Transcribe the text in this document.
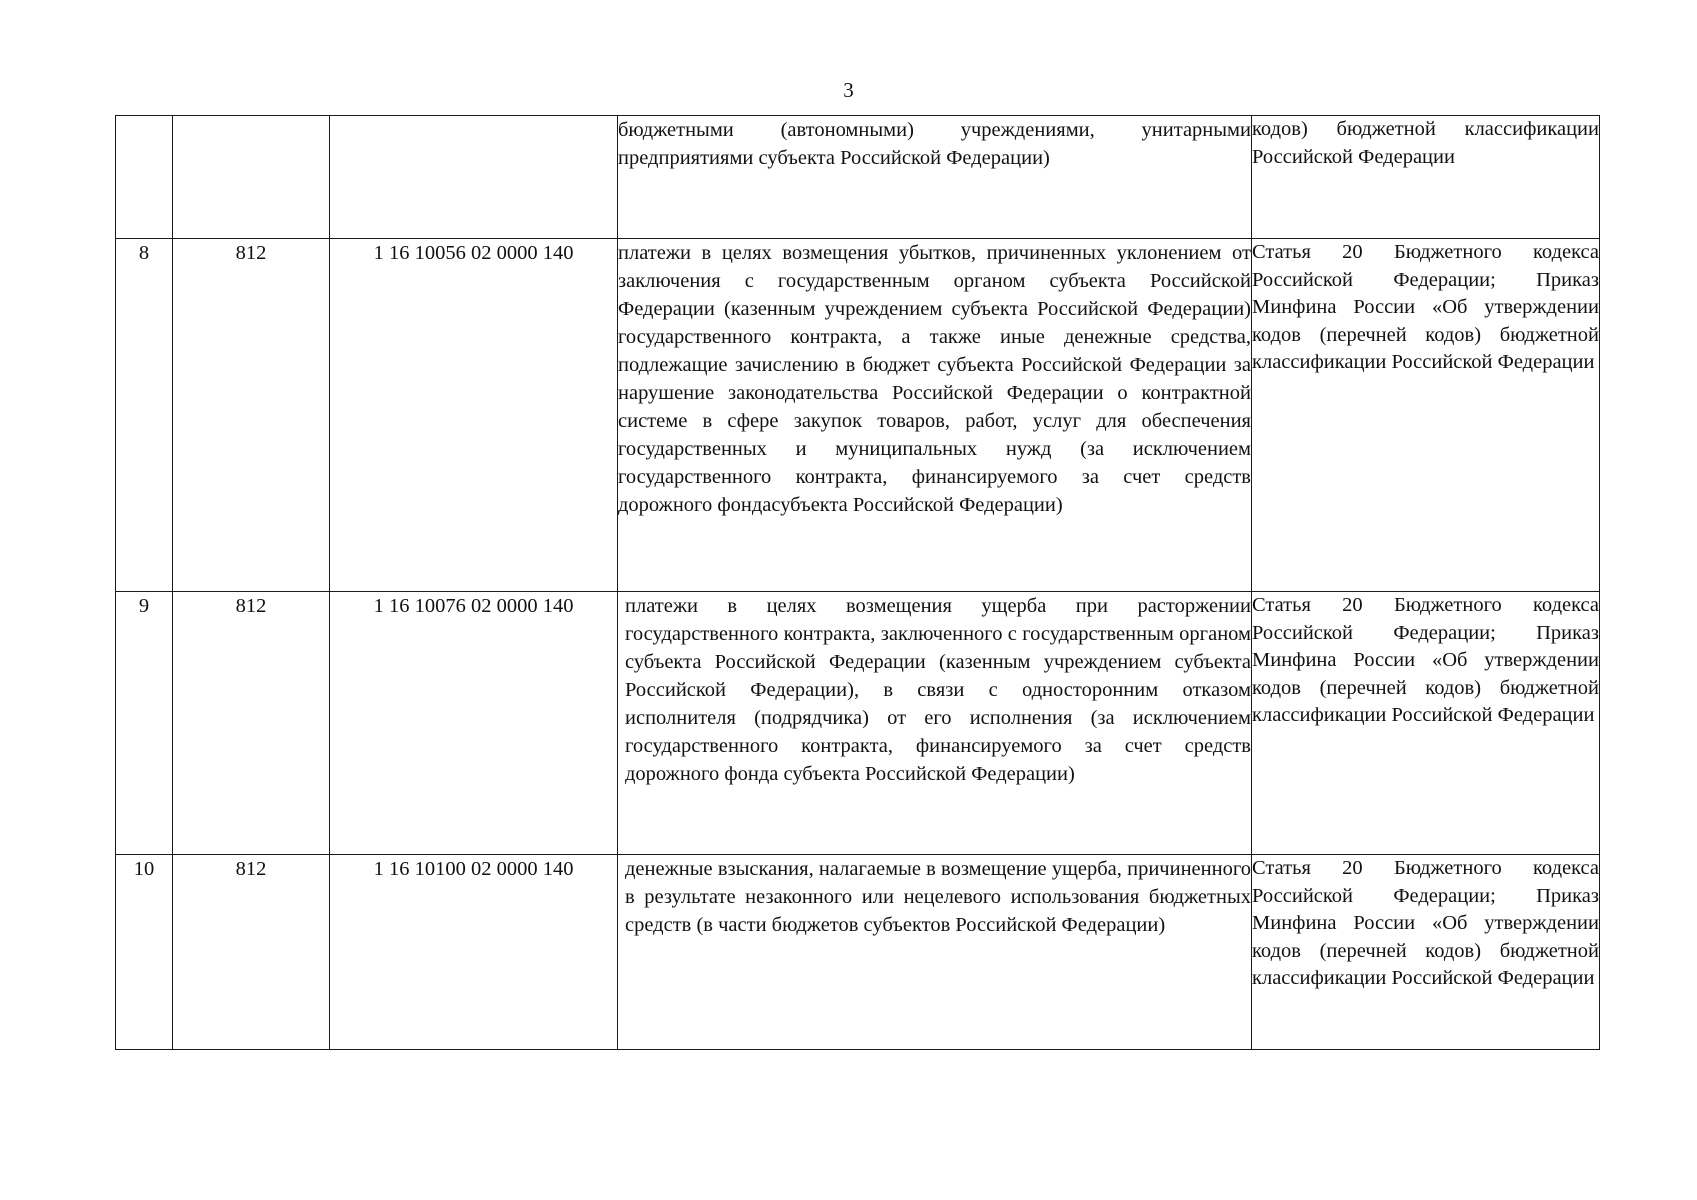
3
			бюджетными (автономными) учреждениями, унитарными предприятиями субъекта Российской Федерации)	кодов) бюджетной классификации Российской Федерации
8	812	1 16 10056 02 0000 140	платежи в целях возмещения убытков, причиненных уклонением от заключения с государственным органом субъекта Российской Федерации (казенным учреждением субъекта Российской Федерации) государственного контракта, а также иные денежные средства, подлежащие зачислению в бюджет субъекта Российской Федерации за нарушение законодательства Российской Федерации о контрактной системе в сфере закупок товаров, работ, услуг для обеспечения государственных и муниципальных нужд (за исключением государственного контракта, финансируемого за счет средств дорожного фондасубъекта Российской Федерации)	Статья 20 Бюджетного кодекса Российской Федерации; Приказ Минфина России «Об утверждении кодов (перечней кодов) бюджетной классификации Российской Федерации
9	812	1 16 10076 02 0000 140	платежи в целях возмещения ущерба при расторжении государственного контракта, заключенного с государственным органом субъекта Российской Федерации (казенным учреждением субъекта Российской Федерации), в связи с односторонним отказом исполнителя (подрядчика) от его исполнения (за исключением государственного контракта, финансируемого за счет средств дорожного фонда субъекта Российской Федерации)	Статья 20 Бюджетного кодекса Российской Федерации; Приказ Минфина России «Об утверждении кодов (перечней кодов) бюджетной классификации Российской Федерации
10	812	1 16 10100 02 0000 140	денежные взыскания, налагаемые в возмещение ущерба, причиненного в результате незаконного или нецелевого использования бюджетных средств (в части бюджетов субъектов Российской Федерации)	Статья 20 Бюджетного кодекса Российской Федерации; Приказ Минфина России «Об утверждении кодов (перечней кодов) бюджетной классификации Российской Федерации
